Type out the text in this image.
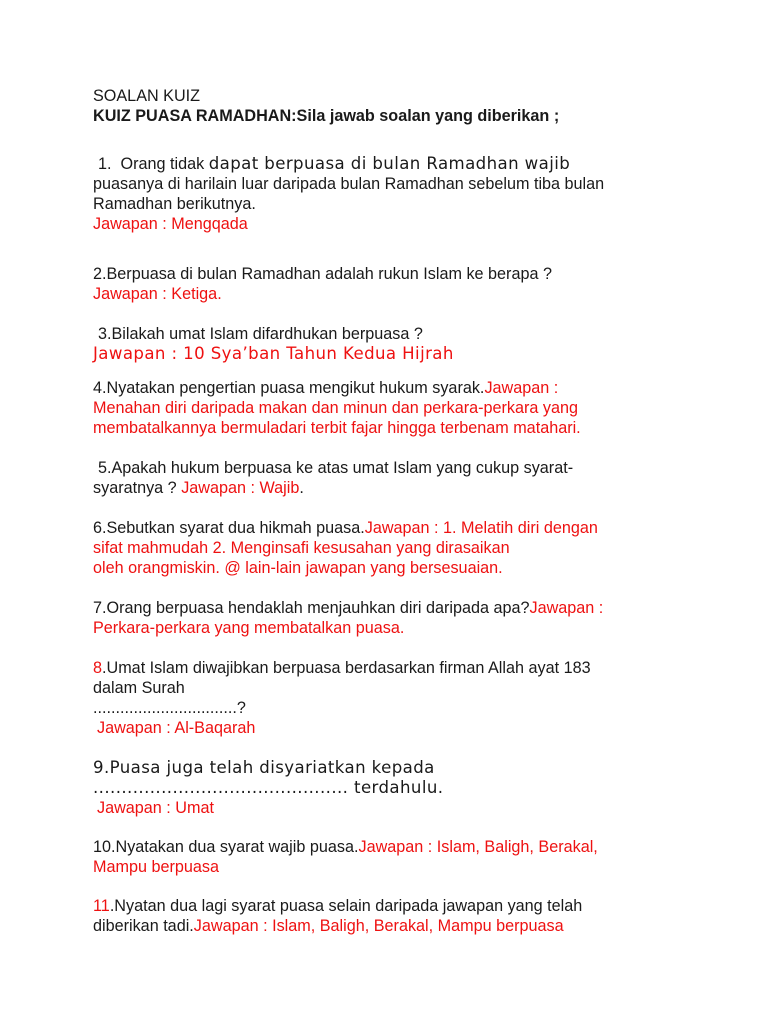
SOALAN KUIZ

KUIZ PUASA RAMADHAN:Sila jawab soalan yang diberikan ;

1. Orang tidak dapat berpuasa di bulan Ramadhan wajib
puasanya di harilain luar daripada bulan Ramadhan sebelum tiba bulan
Ramadhan berikutnya.
Jawapan : Mengqada
2.Berpuasa di bulan Ramadhan adalah rukun Islam ke berapa ?
Jawapan : Ketiga.
3.Bilakah umat Islam difardhukan berpuasa ?
Jawapan : 10 Sya’ban Tahun Kedua Hijrah
4.Nyatakan pengertian puasa mengikut hukum syarak.Jawapan :
Menahan diri daripada makan dan minun dan perkara-perkara yang
membatalkannya bermuladari terbit fajar hingga terbenam matahari.
5.Apakah hukum berpuasa ke atas umat Islam yang cukup syarat-
syaratnya ? Jawapan : Wajib.
6.Sebutkan syarat dua hikmah puasa.Jawapan : 1. Melatih diri dengan
sifat mahmudah 2. Menginsafi kesusahan yang dirasaikan
oleh orangmiskin. @ lain-lain jawapan yang bersesuaian.
7.Orang berpuasa hendaklah menjauhkan diri daripada apa?Jawapan :
Perkara-perkara yang membatalkan puasa.
8.Umat Islam diwajibkan berpuasa berdasarkan firman Allah ayat 183
dalam Surah
................................?
Jawapan : Al-Baqarah
9.Puasa juga telah disyariatkan kepada
............................................. terdahulu.
Jawapan : Umat
10.Nyatakan dua syarat wajib puasa.Jawapan : Islam, Baligh, Berakal,
Mampu berpuasa
11.Nyatan dua lagi syarat puasa selain daripada jawapan yang telah
diberikan tadi.Jawapan : Islam, Baligh, Berakal, Mampu berpuasa
